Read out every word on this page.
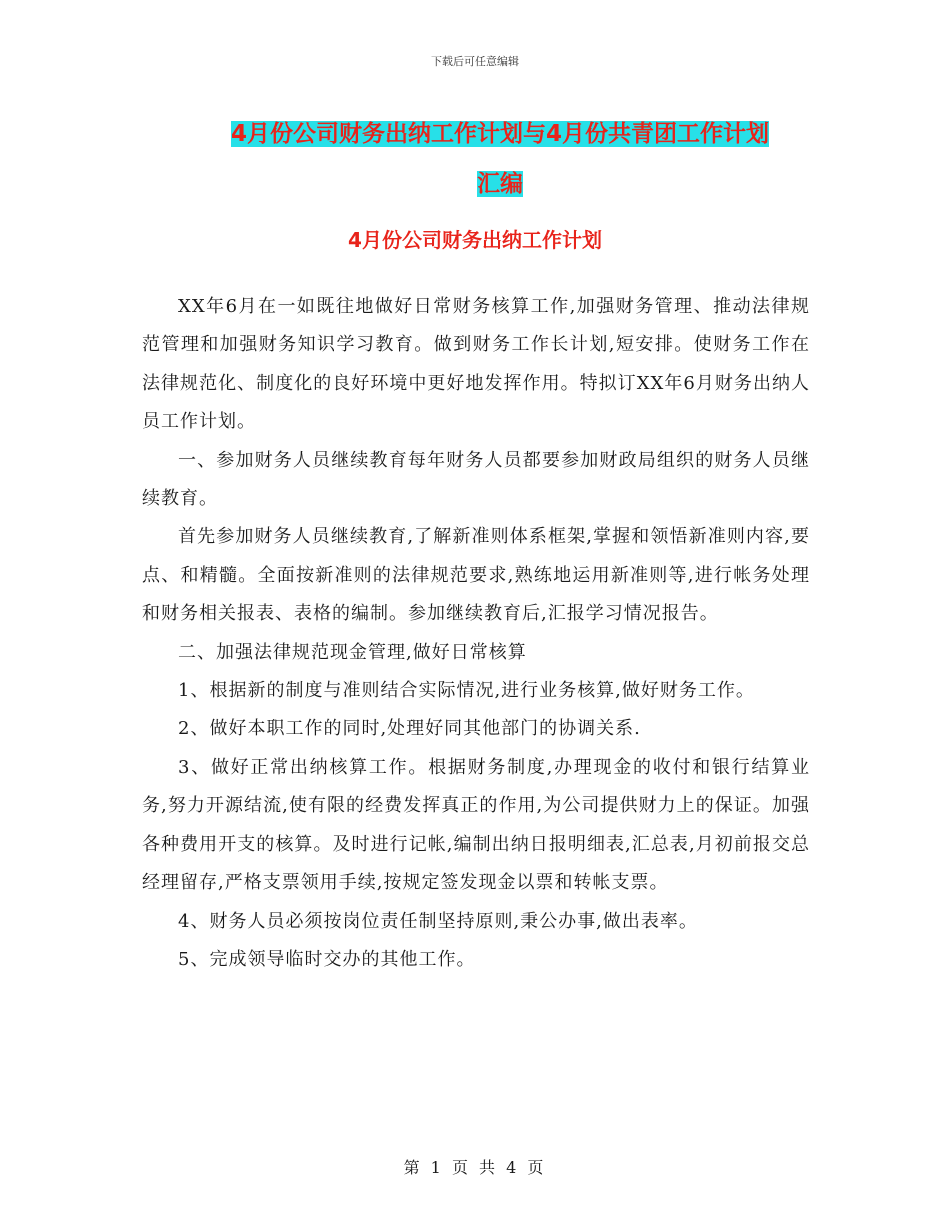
下载后可任意编辑
4月份公司财务出纳工作计划与4月份共青团工作计划
汇编
4月份公司财务出纳工作计划

XX年6月在一如既往地做好日常财务核算工作,加强财务管理、推动法律规范管理和加强财务知识学习教育。做到财务工作长计划,短安排。使财务工作在法律规范化、制度化的良好环境中更好地发挥作用。特拟订XX年6月财务出纳人员工作计划。

一、参加财务人员继续教育每年财务人员都要参加财政局组织的财务人员继续教育。

首先参加财务人员继续教育,了解新准则体系框架,掌握和领悟新准则内容,要点、和精髓。全面按新准则的法律规范要求,熟练地运用新准则等,进行帐务处理和财务相关报表、表格的编制。参加继续教育后,汇报学习情况报告。

二、加强法律规范现金管理,做好日常核算

1、根据新的制度与准则结合实际情况,进行业务核算,做好财务工作。

2、做好本职工作的同时,处理好同其他部门的协调关系.

3、做好正常出纳核算工作。根据财务制度,办理现金的收付和银行结算业务,努力开源结流,使有限的经费发挥真正的作用,为公司提供财力上的保证。加强各种费用开支的核算。及时进行记帐,编制出纳日报明细表,汇总表,月初前报交总经理留存,严格支票领用手续,按规定签发现金以票和转帐支票。

4、财务人员必须按岗位责任制坚持原则,秉公办事,做出表率。

5、完成领导临时交办的其他工作。

第 1 页 共 4 页
